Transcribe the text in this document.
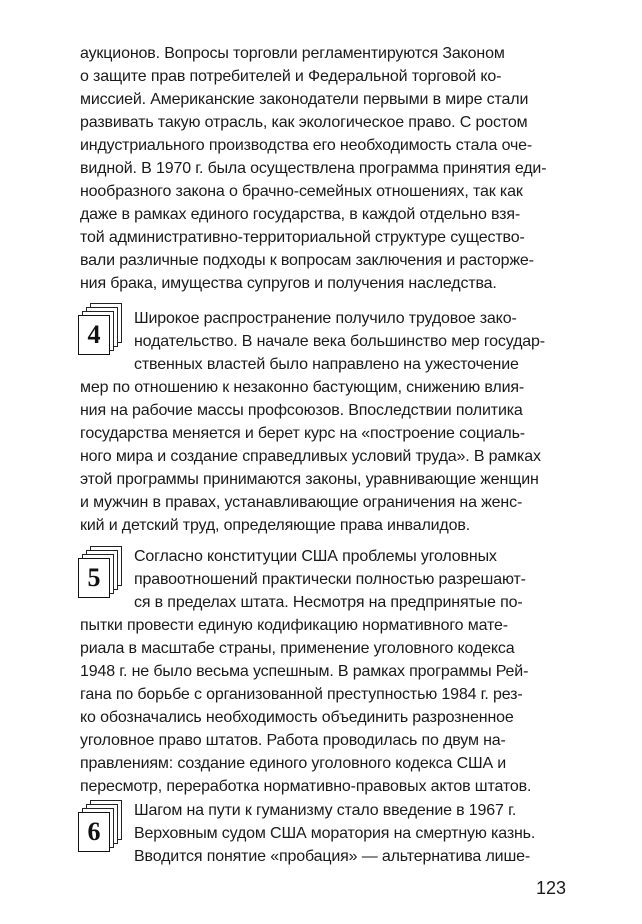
аукционов. Вопросы торговли регламентируются Законом
о защите прав потребителей и Федеральной торговой ко-
миссией. Американские законодатели первыми в мире стали
развивать такую отрасль, как экологическое право. С ростом
индустриального производства его необходимость стала оче-
видной. В 1970 г. была осуществлена программа принятия еди-
нообразного закона о брачно-семейных отношениях, так как
даже в рамках единого государства, в каждой отдельно взя-
той административно-территориальной структуре существо-
вали различные подходы к вопросам заключения и расторже-
ния брака, имущества супругов и получения наследства.
4
Широкое распространение получило трудовое зако-
нодательство. В начале века большинство мер государ-
ственных властей было направлено на ужесточение
мер по отношению к незаконно бастующим, снижению влия-
ния на рабочие массы профсоюзов. Впоследствии политика
государства меняется и берет курс на «построение социаль-
ного мира и создание справедливых условий труда». В рамках
этой программы принимаются законы, уравнивающие женщин
и мужчин в правах, устанавливающие ограничения на женс-
кий и детский труд, определяющие права инвалидов.
5
Согласно конституции США проблемы уголовных
правоотношений практически полностью разрешают-
ся в пределах штата. Несмотря на предпринятые по-
пытки провести единую кодификацию нормативного мате-
риала в масштабе страны, применение уголовного кодекса
1948 г. не было весьма успешным. В рамках программы Рей-
гана по борьбе с организованной преступностью 1984 г. рез-
ко обозначались необходимость объединить разрозненное
уголовное право штатов. Работа проводилась по двум на-
правлениям: создание единого уголовного кодекса США и
пересмотр, переработка нормативно-правовых актов штатов.
6
Шагом на пути к гуманизму стало введение в 1967 г.
Верховным судом США моратория на смертную казнь.
Вводится понятие «пробация» — альтернатива лише-
123
